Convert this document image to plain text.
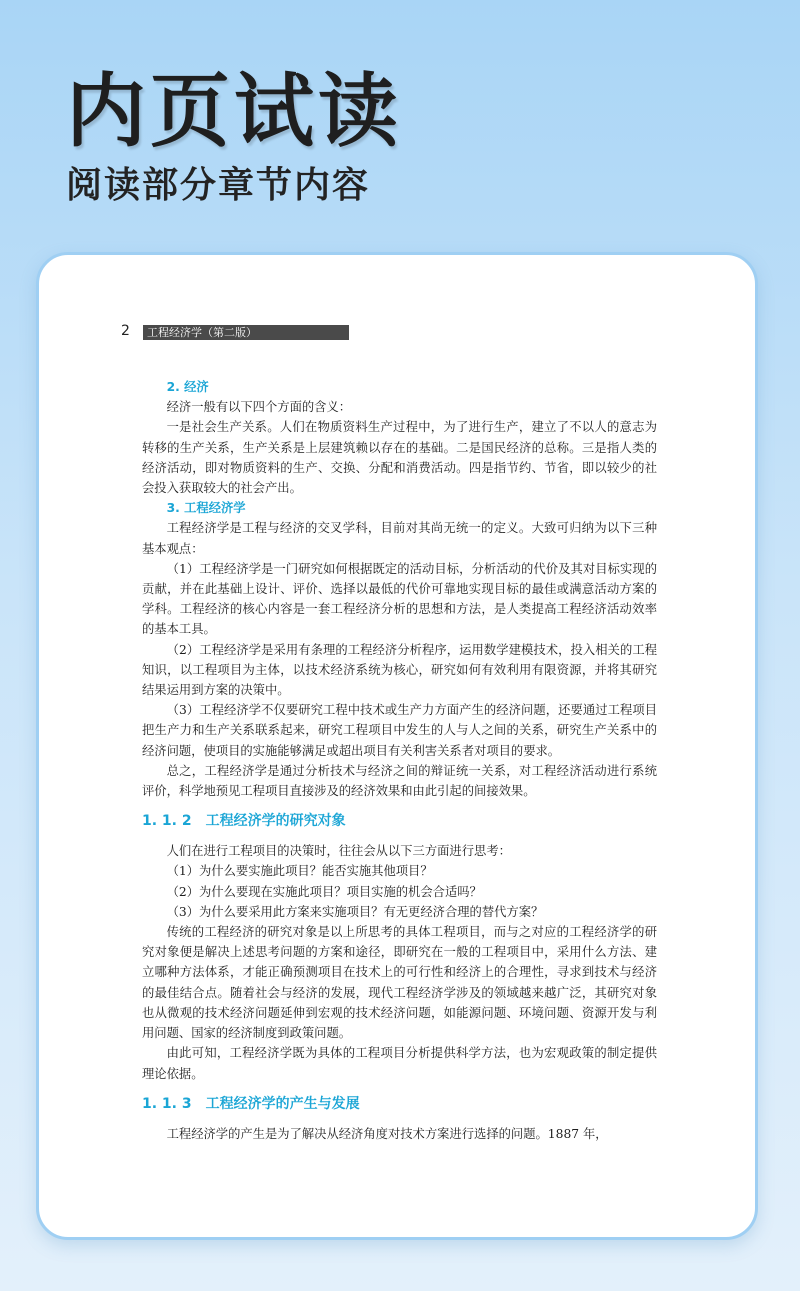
内页试读
阅读部分章节内容
2	工程经济学（第二版）

2. 经济

经济一般有以下四个方面的含义：

一是社会生产关系。人们在物质资料生产过程中，为了进行生产，建立了不以人的意志为转移的生产关系，生产关系是上层建筑赖以存在的基础。二是国民经济的总称。三是指人类的经济活动，即对物质资料的生产、交换、分配和消费活动。四是指节约、节省，即以较少的社会投入获取较大的社会产出。

3. 工程经济学

工程经济学是工程与经济的交叉学科，目前对其尚无统一的定义。大致可归纳为以下三种基本观点：

（1）工程经济学是一门研究如何根据既定的活动目标，分析活动的代价及其对目标实现的贡献，并在此基础上设计、评价、选择以最低的代价可靠地实现目标的最佳或满意活动方案的学科。工程经济的核心内容是一套工程经济分析的思想和方法，是人类提高工程经济活动效率的基本工具。

（2）工程经济学是采用有条理的工程经济分析程序，运用数学建模技术，投入相关的工程知识，以工程项目为主体，以技术经济系统为核心，研究如何有效利用有限资源，并将其研究结果运用到方案的决策中。

（3）工程经济学不仅要研究工程中技术或生产力方面产生的经济问题，还要通过工程项目把生产力和生产关系联系起来，研究工程项目中发生的人与人之间的关系，研究生产关系中的经济问题，使项目的实施能够满足或超出项目有关利害关系者对项目的要求。

总之，工程经济学是通过分析技术与经济之间的辩证统一关系，对工程经济活动进行系统评价，科学地预见工程项目直接涉及的经济效果和由此引起的间接效果。

1. 1. 2　工程经济学的研究对象

人们在进行工程项目的决策时，往往会从以下三方面进行思考：

（1）为什么要实施此项目？能否实施其他项目？

（2）为什么要现在实施此项目？项目实施的机会合适吗？

（3）为什么要采用此方案来实施项目？有无更经济合理的替代方案？

传统的工程经济的研究对象是以上所思考的具体工程项目，而与之对应的工程经济学的研究对象便是解决上述思考问题的方案和途径，即研究在一般的工程项目中，采用什么方法、建立哪种方法体系，才能正确预测项目在技术上的可行性和经济上的合理性，寻求到技术与经济的最佳结合点。随着社会与经济的发展，现代工程经济学涉及的领域越来越广泛，其研究对象也从微观的技术经济问题延伸到宏观的技术经济问题，如能源问题、环境问题、资源开发与利用问题、国家的经济制度到政策问题。

由此可知，工程经济学既为具体的工程项目分析提供科学方法，也为宏观政策的制定提供理论依据。

1. 1. 3　工程经济学的产生与发展

工程经济学的产生是为了解决从经济角度对技术方案进行选择的问题。1887 年，
